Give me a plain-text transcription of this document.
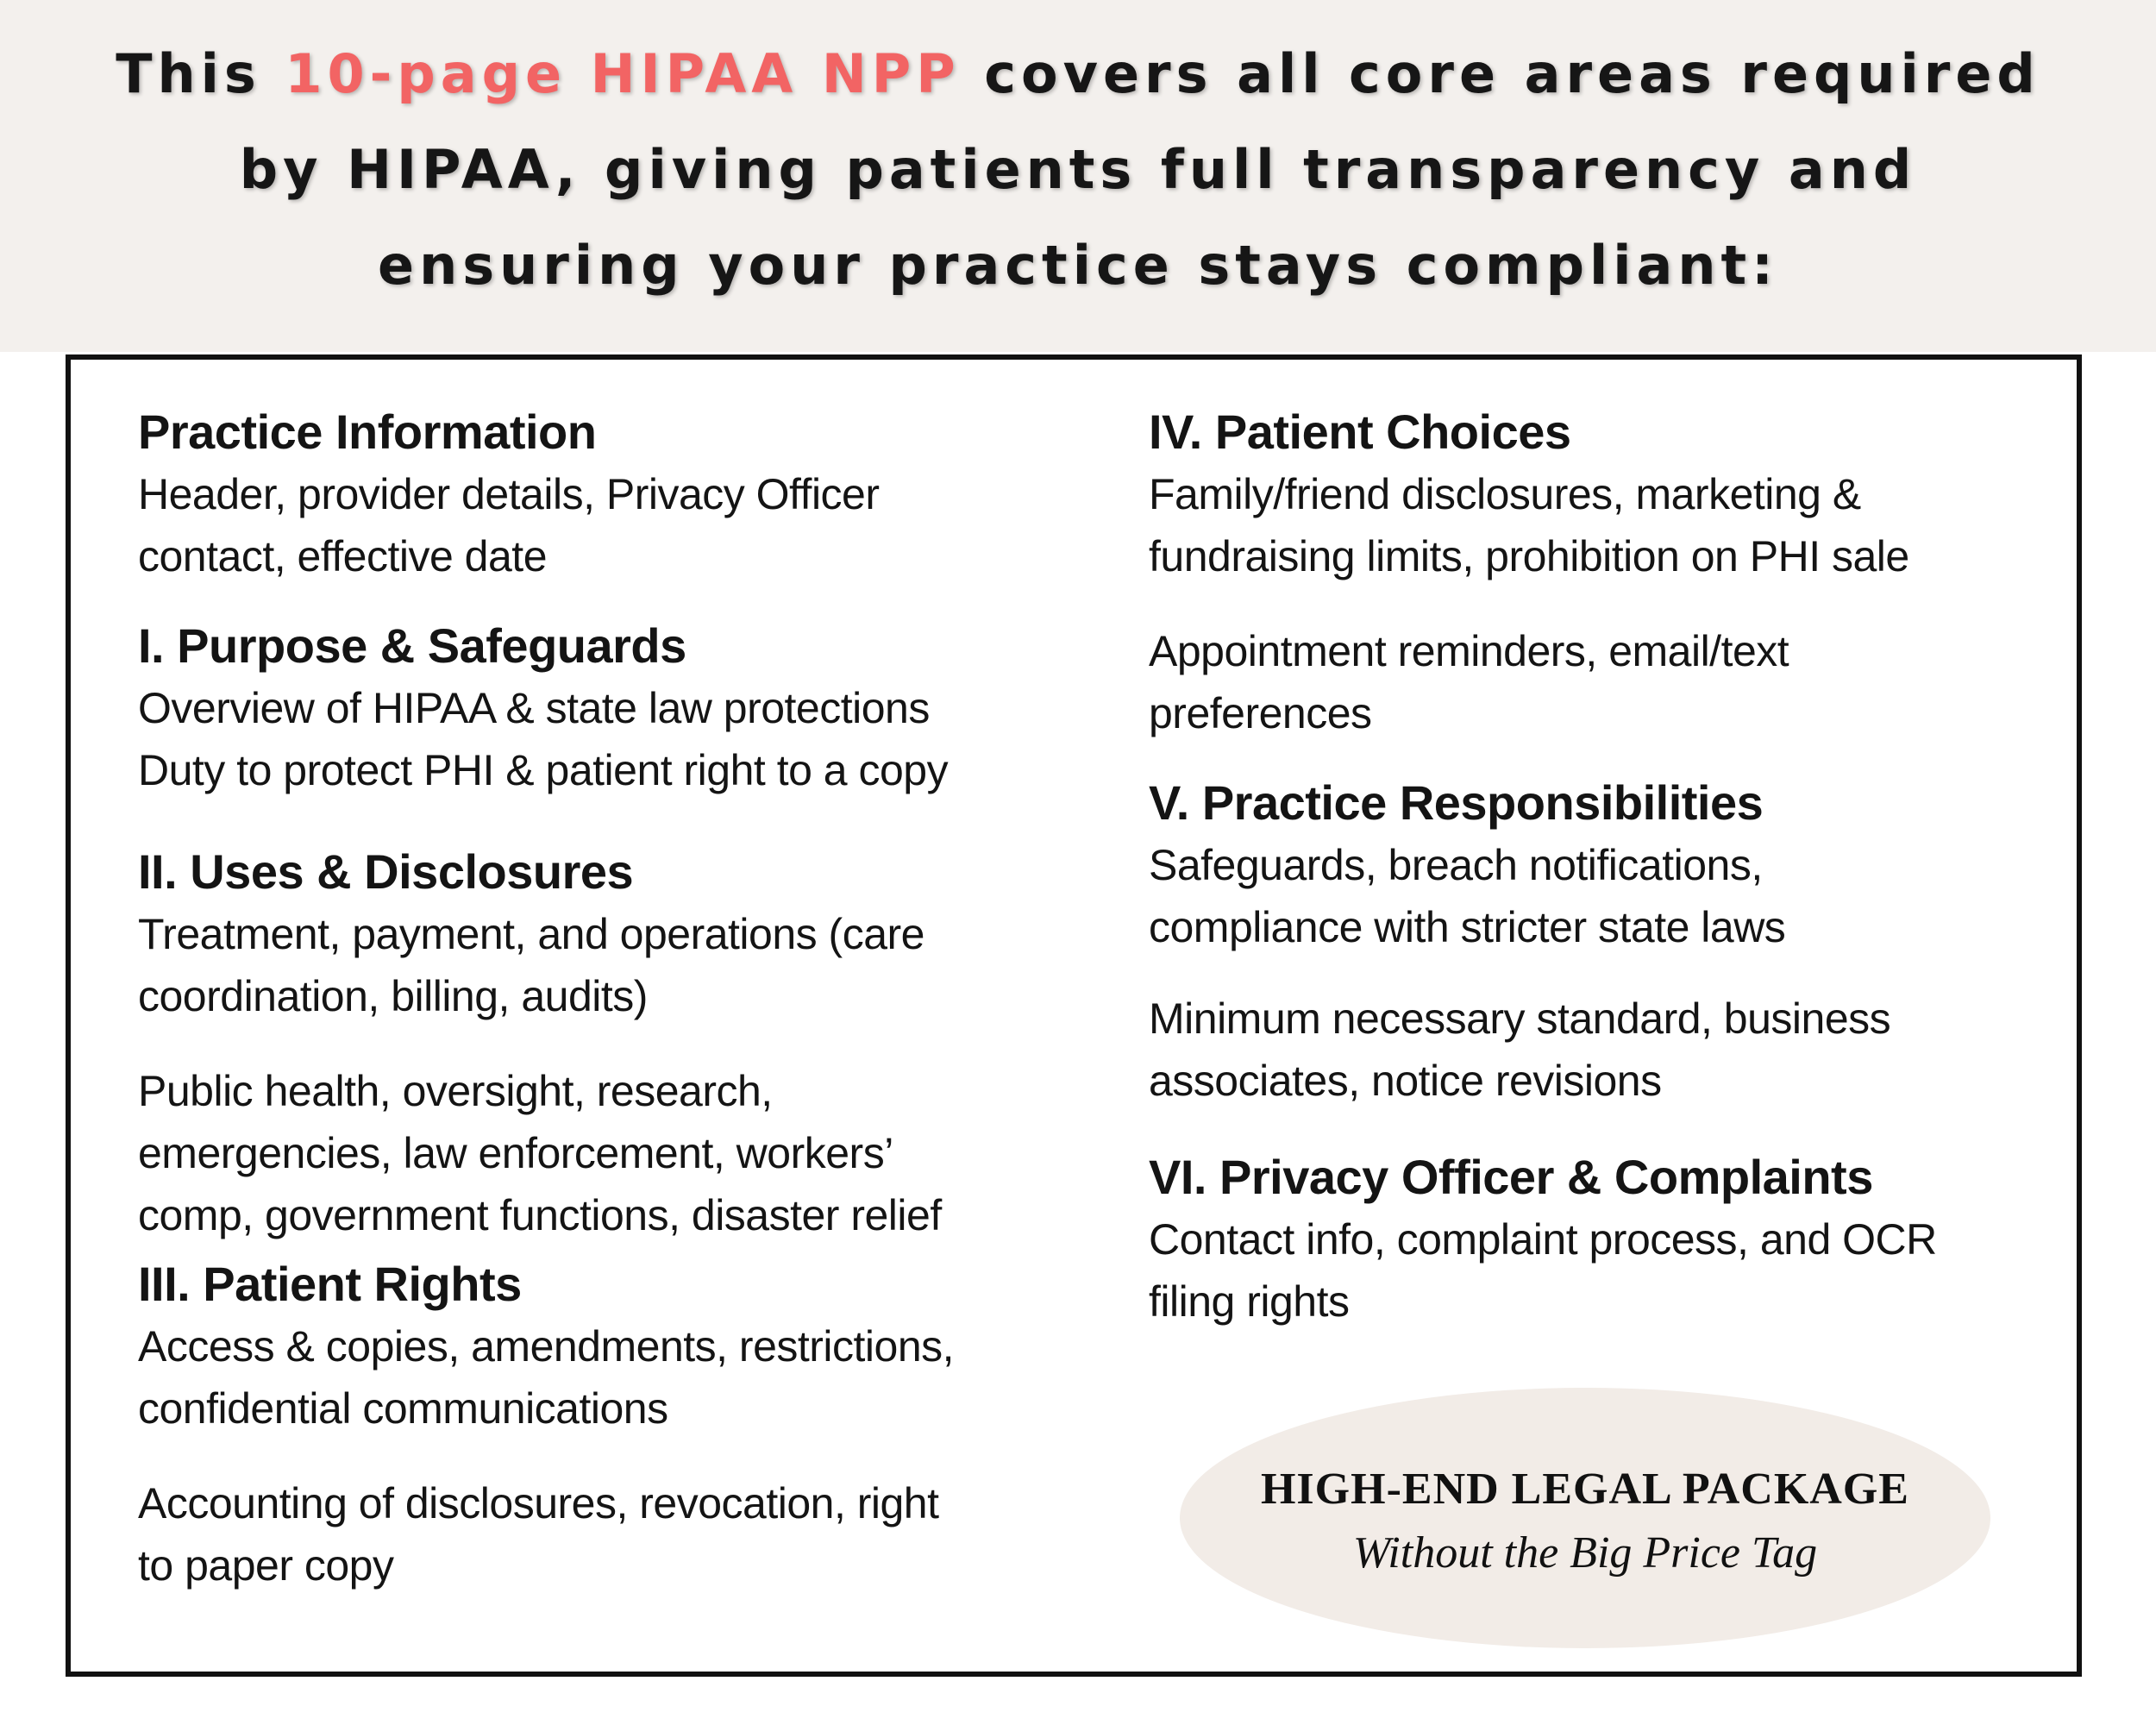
This 10-page HIPAA NPP covers all core areas required
by HIPAA, giving patients full transparency and
ensuring your practice stays compliant:

Practice Information

Header, provider details, Privacy Officer
contact, effective date

I. Purpose & Safeguards

Overview of HIPAA & state law protections
Duty to protect PHI & patient right to a copy

II. Uses & Disclosures

Treatment, payment, and operations (care
coordination, billing, audits)

Public health, oversight, research,
emergencies, law enforcement, workers’
comp, government functions, disaster relief

III. Patient Rights

Access & copies, amendments, restrictions,
confidential communications

Accounting of disclosures, revocation, right
to paper copy

IV. Patient Choices

Family/friend disclosures, marketing &
fundraising limits, prohibition on PHI sale

Appointment reminders, email/text
preferences

V. Practice Responsibilities

Safeguards, breach notifications,
compliance with stricter state laws

Minimum necessary standard, business
associates, notice revisions

VI. Privacy Officer & Complaints

Contact info, complaint process, and OCR
filing rights

HIGH-END LEGAL PACKAGE
Without the Big Price Tag
